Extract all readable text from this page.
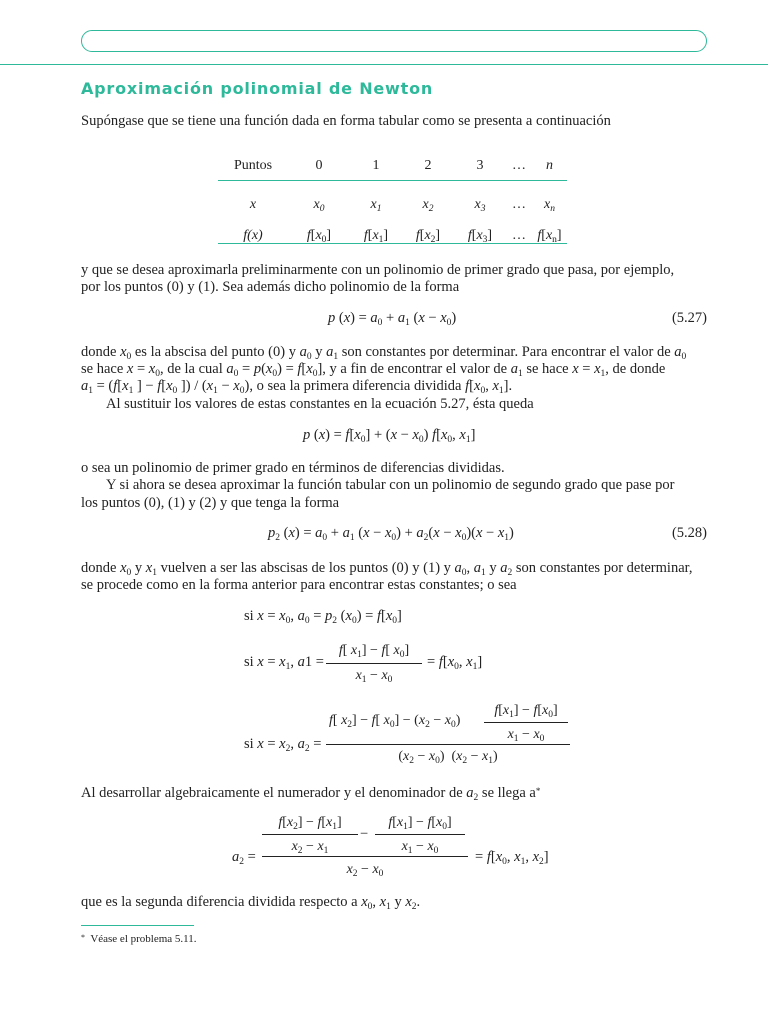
Aproximación polinomial de Newton
Supóngase que se tiene una función dada en forma tabular como se presenta a continuación
Puntos	0	1	2	3	…	n

x	$x_0$	$x_1$	$x_2$	$x_3$	…	$x_n$
f(x)	$f[x_0]$	$f[x_1]$	$f[x_2]$	$f[x_3]$	…	$f[x_n]$
y que se desea aproximarla preliminarmente con un polinomio de primer grado que pasa, por ejemplo,
por los puntos (0) y (1). Sea además dicho polinomio de la forma
p $(x) = a_0 + a_1$ $(x - x_0)$	(5.27)
donde $x_0$ es la abscisa del punto (0) y $a_0$ y $a_1$ son constantes por determinar. Para encontrar el valor de $a_0$
se hace $x = x_0$, de la cual $a_0 = p(x_0) = f[x_0]$, y a fin de encontrar el valor de $a_1$ se hace $x = x_1$, de donde
$a_1 = (f[x_1$ ] − $f[x_0$ ]) / $(x_1 - x_0)$, o sea la primera diferencia dividida $f[x_0$, $x_1$].
Al sustituir los valores de estas constantes en la ecuación 5.27, ésta queda
p $(x) = f[x_0] + (x - x_0)$ $f[x_0$, $x_1$]
o sea un polinomio de primer grado en términos de diferencias divididas.
Y si ahora se desea aproximar la función tabular con un polinomio de segundo grado que pase por
los puntos (0), (1) y (2) y que tenga la forma
$p_2$ $(x) = a_0 + a_1$ $(x - x_0) + a_2(x - x_0)(x - x_1)$	(5.28)
donde $x_0$ y $x_1$ vuelven a ser las abscisas de los puntos (0) y (1) y $a_0$, $a_1$ y $a_2$ son constantes por determinar,
se procede como en la forma anterior para encontrar estas constantes; o sea
si $x = x_0$, $a_0 = p_2$ $(x_0) = f[x_0]$
si $x = x_1$, a1 =
f[ $x_1] - f$[ $x_0$]
$x_1 - x_0$
= $f[x_0$, $x_1$]
si $x = x_2$, $a_2$ =
f[ $x_2] - f$[ $x_0] - (x_2 - x_0)$
$f[x_1] - f[x_0]$
$x_1 - x_0$
$(x_2 - x_0) (x_2 - x_1)$
Al desarrollar algebraicamente el numerador y el denominador de $a_2$ se llega a*
$f[x_2] - f[x_1]$
$x_2 - x_1$
−
$f[x_1] - f[x_0]$
$x_1 - x_0$
$a_2$ =
$x_2 - x_0$
= $f[x_0$, $x_1$, $x_2$]
que es la segunda diferencia dividida respecto a $x_0$, $x_1$ y $x_2$.
* Véase el problema 5.11.
